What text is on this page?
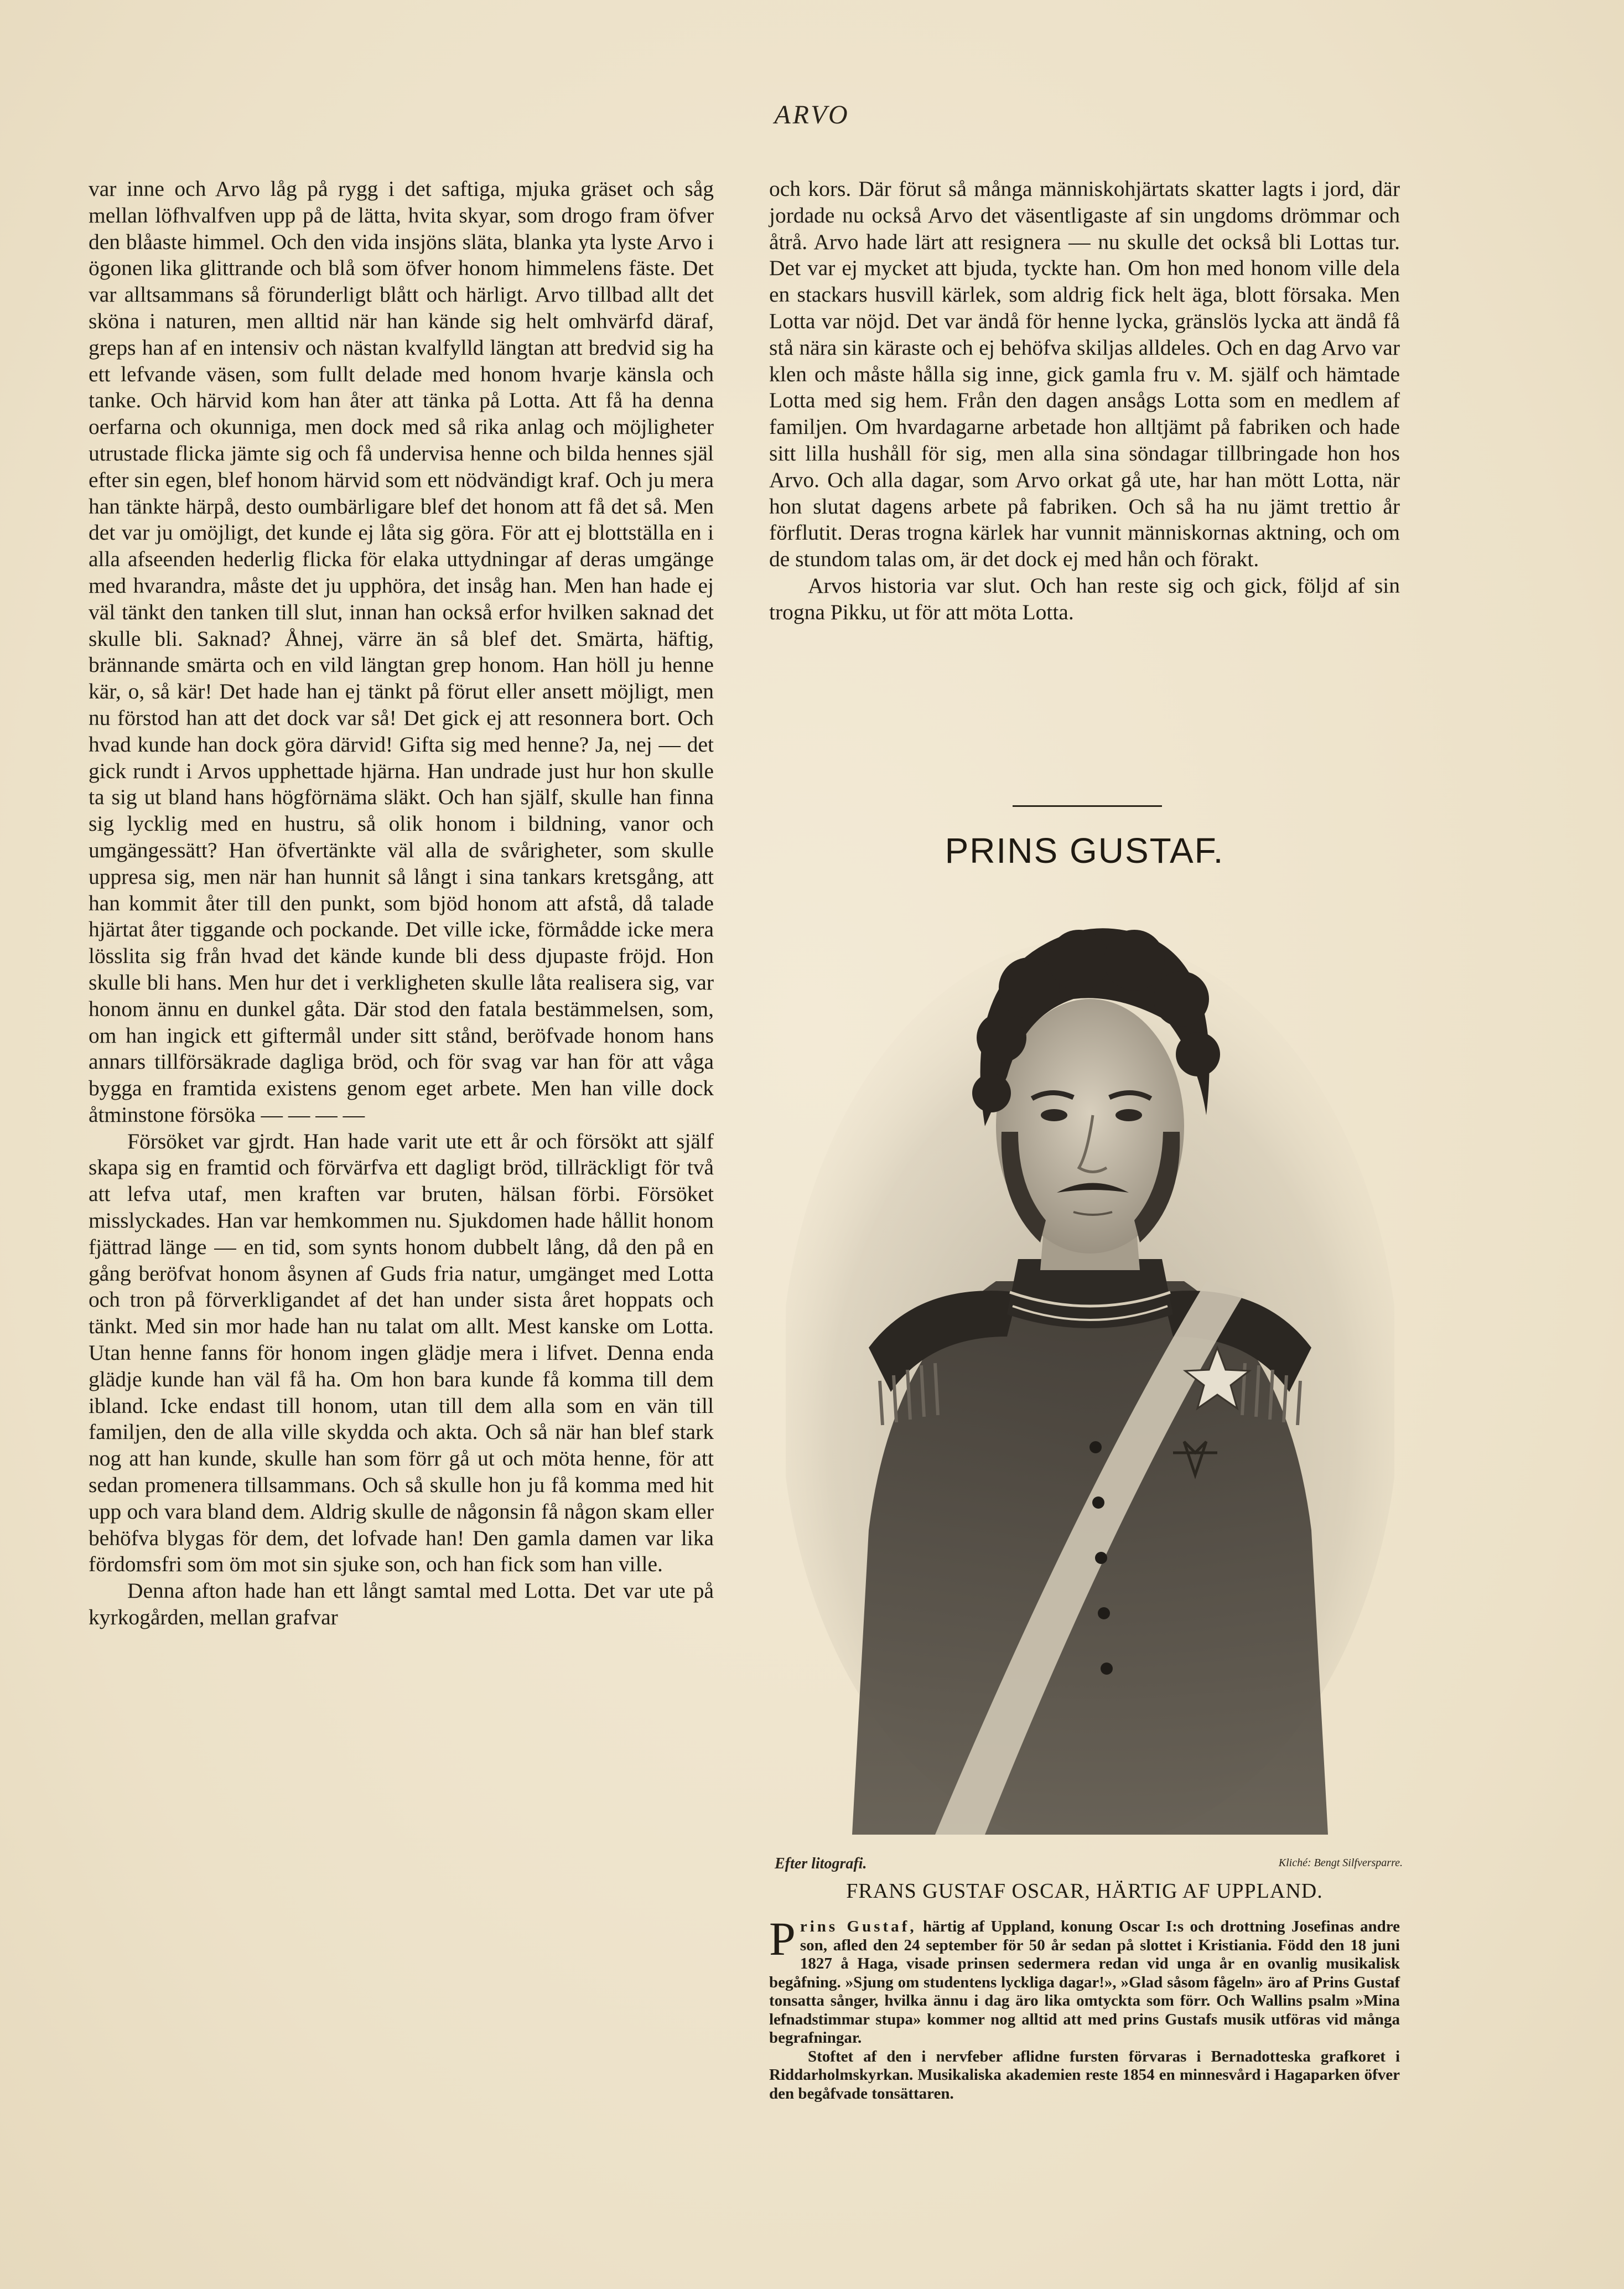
ARVO

var inne och Arvo låg på rygg i det saftiga, mjuka gräset och såg mellan löfhvalfven upp på de lätta, hvita skyar, som drogo fram öfver den blåaste himmel. Och den vida insjöns släta, blanka yta lyste Arvo i ögonen lika glittrande och blå som öfver honom himmelens fäste. Det var alltsammans så förunderligt blått och härligt. Arvo tillbad allt det sköna i naturen, men alltid när han kände sig helt omhvärfd däraf, greps han af en intensiv och nästan kvalfylld längtan att bredvid sig ha ett lefvande väsen, som fullt delade med honom hvarje känsla och tanke. Och härvid kom han åter att tänka på Lotta. Att få ha denna oerfarna och okunniga, men dock med så rika anlag och möjligheter utrustade flicka jämte sig och få undervisa henne och bilda hennes själ efter sin egen, blef honom härvid som ett nödvändigt kraf. Och ju mera han tänkte härpå, desto oumbärligare blef det honom att få det så. Men det var ju omöjligt, det kunde ej låta sig göra. För att ej blottställa en i alla afseenden hederlig flicka för elaka uttydningar af deras umgänge med hvarandra, måste det ju upphöra, det insåg han. Men han hade ej väl tänkt den tanken till slut, innan han också erfor hvilken saknad det skulle bli. Saknad? Åhnej, värre än så blef det. Smärta, häftig, brännande smärta och en vild längtan grep honom. Han höll ju henne kär, o, så kär! Det hade han ej tänkt på förut eller ansett möjligt, men nu förstod han att det dock var så! Det gick ej att resonnera bort. Och hvad kunde han dock göra därvid! Gifta sig med henne? Ja, nej — det gick rundt i Arvos upphettade hjärna. Han undrade just hur hon skulle ta sig ut bland hans högförnäma släkt. Och han själf, skulle han finna sig lycklig med en hustru, så olik honom i bildning, vanor och umgängessätt? Han öfvertänkte väl alla de svårigheter, som skulle uppresa sig, men när han hunnit så långt i sina tankars kretsgång, att han kommit åter till den punkt, som bjöd honom att afstå, då talade hjärtat åter tiggande och pockande. Det ville icke, förmådde icke mera lösslita sig från hvad det kände kunde bli dess djupaste fröjd. Hon skulle bli hans. Men hur det i verkligheten skulle låta realisera sig, var honom ännu en dunkel gåta. Där stod den fatala bestämmelsen, som, om han ingick ett giftermål under sitt stånd, beröfvade honom hans annars tillförsäkrade dagliga bröd, och för svag var han för att våga bygga en framtida existens genom eget arbete. Men han ville dock åtminstone försöka — — — —

Försöket var gjrdt. Han hade varit ute ett år och försökt att själf skapa sig en framtid och förvärfva ett dagligt bröd, tillräckligt för två att lefva utaf, men kraften var bruten, hälsan förbi. Försöket misslyckades. Han var hemkommen nu. Sjukdomen hade hållit honom fjättrad länge — en tid, som synts honom dubbelt lång, då den på en gång beröfvat honom åsynen af Guds fria natur, umgänget med Lotta och tron på förverkligandet af det han under sista året hoppats och tänkt. Med sin mor hade han nu talat om allt. Mest kanske om Lotta. Utan henne fanns för honom ingen glädje mera i lifvet. Denna enda glädje kunde han väl få ha. Om hon bara kunde få komma till dem ibland. Icke endast till honom, utan till dem alla som en vän till familjen, den de alla ville skydda och akta. Och så när han blef stark nog att han kunde, skulle han som förr gå ut och möta henne, för att sedan promenera tillsammans. Och så skulle hon ju få komma med hit upp och vara bland dem. Aldrig skulle de någonsin få någon skam eller behöfva blygas för dem, det lofvade han! Den gamla damen var lika fördomsfri som öm mot sin sjuke son, och han fick som han ville.

Denna afton hade han ett långt samtal med Lotta. Det var ute på kyrkogården, mellan grafvar

och kors. Där förut så många människohjärtats skatter lagts i jord, där jordade nu också Arvo det väsentligaste af sin ungdoms drömmar och åtrå. Arvo hade lärt att resignera — nu skulle det också bli Lottas tur. Det var ej mycket att bjuda, tyckte han. Om hon med honom ville dela en stackars husvill kärlek, som aldrig fick helt äga, blott försaka. Men Lotta var nöjd. Det var ändå för henne lycka, gränslös lycka att ändå få stå nära sin käraste och ej behöfva skiljas alldeles. Och en dag Arvo var klen och måste hålla sig inne, gick gamla fru v. M. själf och hämtade Lotta med sig hem. Från den dagen ansågs Lotta som en medlem af familjen. Om hvardagarne arbetade hon alltjämt på fabriken och hade sitt lilla hushåll för sig, men alla sina söndagar tillbringade hon hos Arvo. Och alla dagar, som Arvo orkat gå ute, har han mött Lotta, när hon slutat dagens arbete på fabriken. Och så ha nu jämt trettio år förflutit. Deras trogna kärlek har vunnit människornas aktning, och om de stundom talas om, är det dock ej med hån och förakt.

Arvos historia var slut. Och han reste sig och gick, följd af sin trogna Pikku, ut för att möta Lotta.

PRINS GUSTAF.
Efter litografi.	Kliché: Bengt Silfversparre.
FRANS GUSTAF OSCAR, HÄRTIG AF UPPLAND.

Prins Gustaf, härtig af Uppland, konung Oscar I:s och drottning Josefinas andre son, afled den 24 september för 50 år sedan på slottet i Kristiania. Född den 18 juni 1827 å Haga, visade prinsen sedermera redan vid unga år en ovanlig musikalisk begåfning. »Sjung om studentens lyckliga dagar!», »Glad såsom fågeln» äro af Prins Gustaf tonsatta sånger, hvilka ännu i dag äro lika omtyckta som förr. Och Wallins psalm »Mina lefnadstimmar stupa» kommer nog alltid att med prins Gustafs musik utföras vid många begrafningar.

Stoftet af den i nervfeber aflidne fursten förvaras i Bernadotteska grafkoret i Riddarholmskyrkan. Musikaliska akademien reste 1854 en minnesvård i Hagaparken öfver den begåfvade tonsättaren.
